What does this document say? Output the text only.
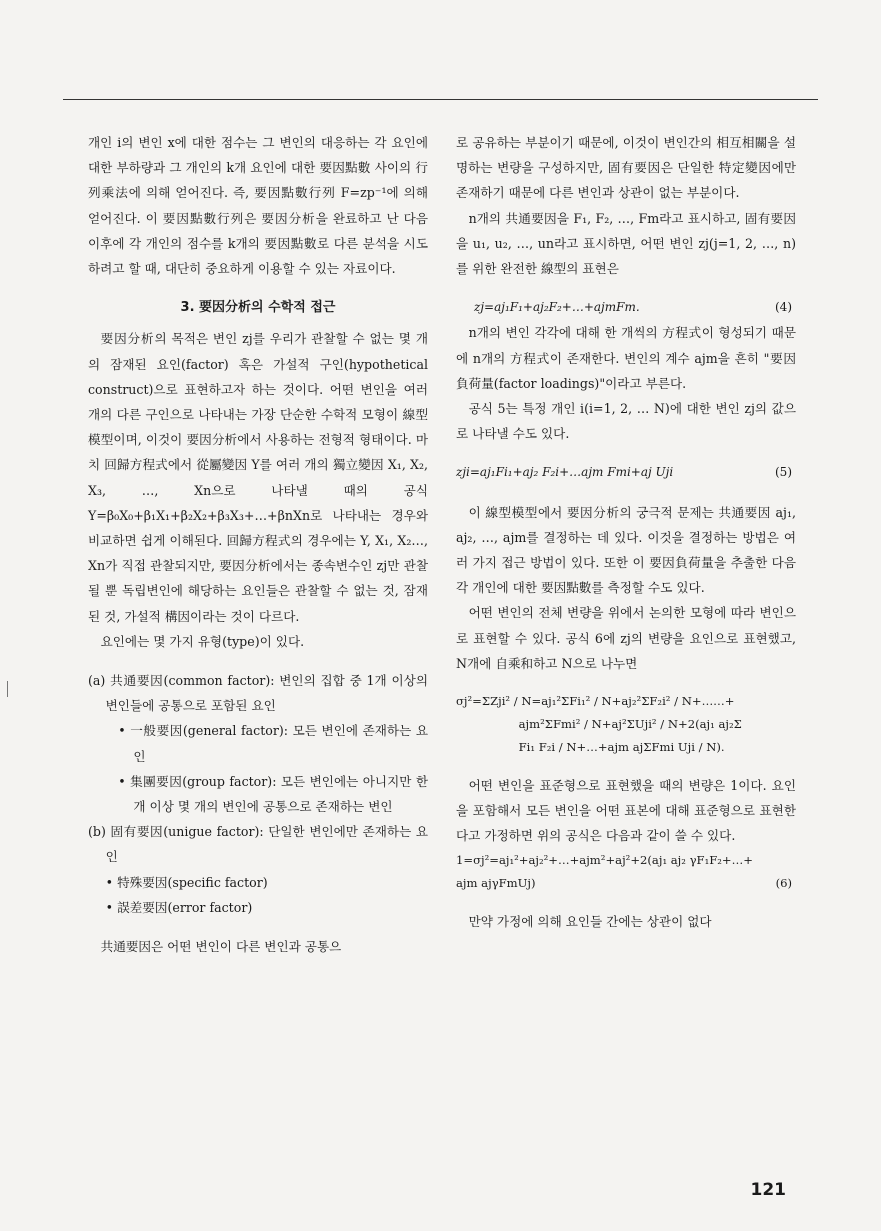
개인 i의 변인 x에 대한 점수는 그 변인의 대응하는 각 요인에 대한 부하량과 그 개인의 k개 요인에 대한 要因點數 사이의 行列乘法에 의해 얻어진다. 즉, 要因點數行列 F=zp⁻¹에 의해 얻어진다. 이 要因點數行列은 要因分析을 완료하고 난 다음 이후에 각 개인의 점수를 k개의 要因點數로 다른 분석을 시도하려고 할 때, 대단히 중요하게 이용할 수 있는 자료이다.

3. 要因分析의 수학적 접근

要因分析의 목적은 변인 zj를 우리가 관찰할 수 없는 몇 개의 잠재된 요인(factor) 혹은 가설적 구인(hypothetical construct)으로 표현하고자 하는 것이다. 어떤 변인을 여러 개의 다른 구인으로 나타내는 가장 단순한 수학적 모형이 線型模型이며, 이것이 要因分析에서 사용하는 전형적 형태이다. 마치 回歸方程式에서 從屬變因 Y를 여러 개의 獨立變因 X₁, X₂, X₃, …, Xn으로 나타낼 때의 공식 Y=β₀X₀+β₁X₁+β₂X₂+β₃X₃+…+βnXn로 나타내는 경우와 비교하면 쉽게 이해된다. 回歸方程式의 경우에는 Y, X₁, X₂…, Xn가 직접 관찰되지만, 要因分析에서는 종속변수인 zj만 관찰될 뿐 독립변인에 해당하는 요인들은 관찰할 수 없는 것, 잠재된 것, 가설적 構因이라는 것이 다르다.

요인에는 몇 가지 유형(type)이 있다.

(a) 共通要因(common factor): 변인의 집합 중 1개 이상의 변인들에 공통으로 포함된 요인

• 一般要因(general factor): 모든 변인에 존재하는 요인

• 集團要因(group factor): 모든 변인에는 아니지만 한 개 이상 몇 개의 변인에 공통으로 존재하는 변인

(b) 固有要因(unigue factor): 단일한 변인에만 존재하는 요인

• 特殊要因(specific factor)

• 誤差要因(error factor)

共通要因은 어떤 변인이 다른 변인과 공통으

로 공유하는 부분이기 때문에, 이것이 변인간의 相互相關을 설명하는 변량을 구성하지만, 固有要因은 단일한 特定變因에만 존재하기 때문에 다른 변인과 상관이 없는 부분이다.

n개의 共通要因을 F₁, F₂, …, Fm라고 표시하고, 固有要因을 u₁, u₂, …, un라고 표시하면, 어떤 변인 zj(j=1, 2, …, n)를 위한 완전한 線型의 표현은

zj=aj₁F₁+aj₂F₂+…+ajmFm.	(4)

n개의 변인 각각에 대해 한 개씩의 方程式이 형성되기 때문에 n개의 方程式이 존재한다. 변인의 계수 ajm을 흔히 "要因負荷量(factor loadings)"이라고 부른다.

공식 5는 특정 개인 i(i=1, 2, … N)에 대한 변인 zj의 값으로 나타낼 수도 있다.

zji=aj₁Fi₁+aj₂ F₂i+…ajm Fmi+aj Uji	(5)

이 線型模型에서 要因分析의 궁극적 문제는 共通要因 aj₁, aj₂, …, ajm를 결정하는 데 있다. 이것을 결정하는 방법은 여러 가지 접근 방법이 있다. 또한 이 要因負荷量을 추출한 다음 각 개인에 대한 要因點數를 측정할 수도 있다.

어떤 변인의 전체 변량을 위에서 논의한 모형에 따라 변인으로 표현할 수 있다. 공식 6에 zj의 변량을 요인으로 표현했고, N개에 自乘和하고 N으로 나누면

σj²=ΣZji² / N=aj₁²ΣFi₁² / N+aj₂²ΣF₂i² / N+……+
ajm²ΣFmi² / N+aj²ΣUji² / N+2(aj₁ aj₂Σ
Fi₁ F₂i / N+…+ajm ajΣFmi Uji / N).

어떤 변인을 표준형으로 표현했을 때의 변량은 1이다. 요인을 포함해서 모든 변인을 어떤 표본에 대해 표준형으로 표현한다고 가정하면 위의 공식은 다음과 같이 쓸 수 있다.

1=σj²=aj₁²+aj₂²+…+ajm²+aj²+2(aj₁ aj₂ γF₁F₂+…+
ajm ajγFmUj)	(6)

만약 가정에 의해 요인들 간에는 상관이 없다

121
